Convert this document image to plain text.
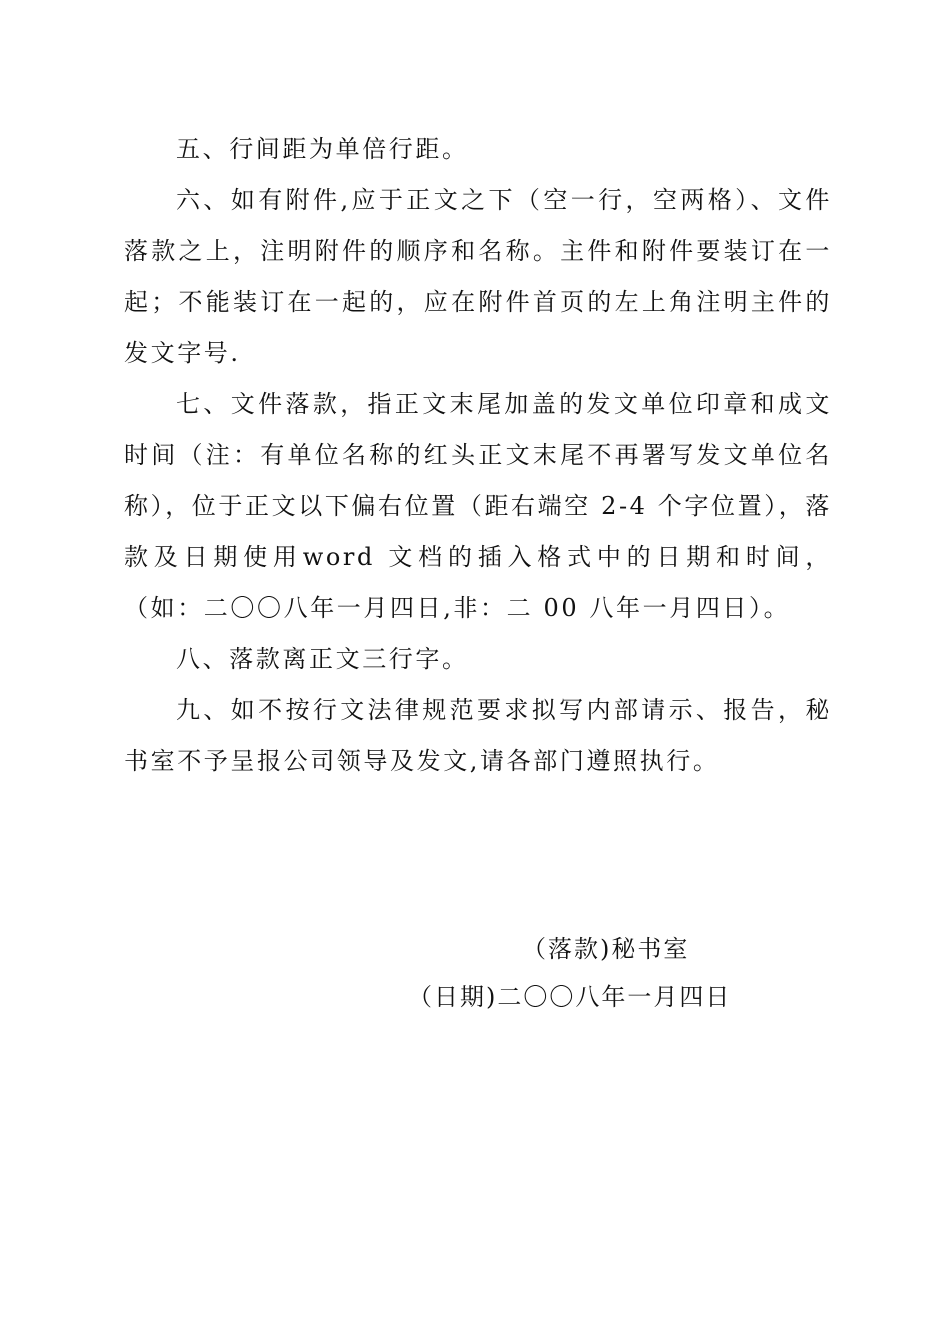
五、行间距为单倍行距。

六、如有附件,应于正文之下（空一行，空两格）、文件落款之上，注明附件的顺序和名称。主件和附件要装订在一起；不能装订在一起的，应在附件首页的左上角注明主件的发文字号.

七、文件落款，指正文末尾加盖的发文单位印章和成文时间（注：有单位名称的红头正文末尾不再署写发文单位名称），位于正文以下偏右位置（距右端空 2-4 个字位置），落款及日期使用word 文档的插入格式中的日期和时间，（如：二〇〇八年一月四日,非：二 00 八年一月四日）。

八、落款离正文三行字。

九、如不按行文法律规范要求拟写内部请示、报告，秘书室不予呈报公司领导及发文,请各部门遵照执行。

（落款)秘书室
（日期)二〇〇八年一月四日
